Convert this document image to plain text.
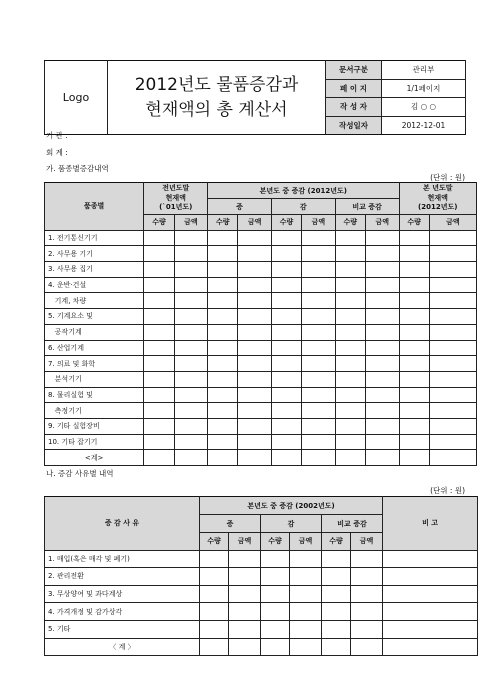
Logo	2012년도 물품증감과
현재액의 총 계산서	문서구분	관리부
		페 이 지	1/1페이지
		작 성 자	김 ○ ○
		작성일자	2012-12-01
기 관 :
회 계 :
가. 품종별증감내역
(단위 : 원)
품종별	전년도말
현재액
(`01년도)		본년도 중 증감 (2012년도)						본 년도말
현재액
(2012년도)	
			증		감		비교 증감			
	수량	금액	수량	금액	수량	금액	수량	금액	수량	금액
1. 전기통신기기										
2. 사무용 기기										
3. 사무용 집기										
4. 운반·건설										
기계, 차량										
5. 기계요소 및										
공작기계										
6. 산업기계										
7. 의료 및 화학										
분석기기										
8. 물리실험 및										
측정기기										
9. 기타 실험장비										
10. 기타 잡기기										
<계>										
나. 증감 사유별 내역
(단위 : 원)
증 감 사 유	본년도 중 증감 (2002년도)						비 고
	증		감		비교 증감		
	수량	금액	수량	금액	수량	금액	
1. 매입(혹은 매각 및 폐기)							
2. 관리전환							
3. 무상양여 및 과다계상							
4. 가격개정 및 감가상각							
5. 기타							
〈 계 〉							
